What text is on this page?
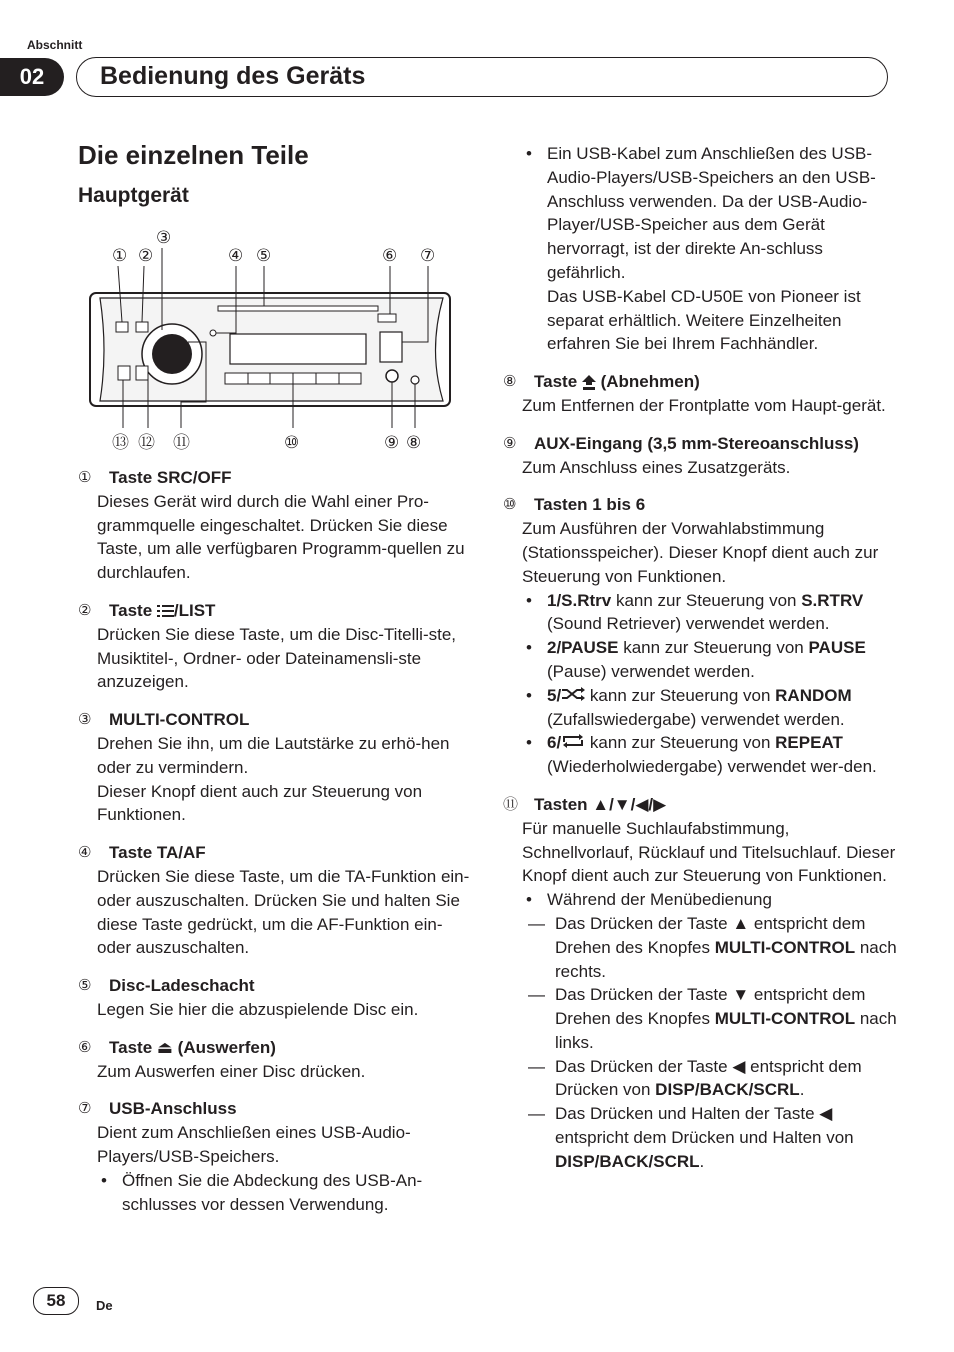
Abschnitt
02	Bedienung des Geräts
Die einzelnen Teile
Hauptgerät
① ②
③
④ ⑤	⑥ ⑦
⑬ ⑫ ⑪	⑩	⑨ ⑧
①	Taste SRC/OFF
Dieses Gerät wird durch die Wahl einer Pro-grammquelle eingeschaltet. Drücken Sie diese Taste, um alle verfügbaren Programm-quellen zu durchlaufen.
②	Taste /LIST
Drücken Sie diese Taste, um die Disc-Titelli-ste, Musiktitel-, Ordner- oder Dateinamensli-ste anzuzeigen.
③	MULTI-CONTROL
Drehen Sie ihn, um die Lautstärke zu erhö-hen oder zu vermindern.
Dieser Knopf dient auch zur Steuerung von Funktionen.
④	Taste TA/AF
Drücken Sie diese Taste, um die TA-Funktion ein- oder auszuschalten. Drücken Sie und halten Sie diese Taste gedrückt, um die AF-Funktion ein- oder auszuschalten.
⑤	Disc-Ladeschacht
Legen Sie hier die abzuspielende Disc ein.
⑥	Taste ⏏ (Auswerfen)
Zum Auswerfen einer Disc drücken.
⑦	USB-Anschluss
Dient zum Anschließen eines USB-Audio-Players/USB-Speichers.
• Öffnen Sie die Abdeckung des USB-An-schlusses vor dessen Verwendung.
• Ein USB-Kabel zum Anschließen des USB-Audio-Players/USB-Speichers an den USB-Anschluss verwenden. Da der USB-Audio-Player/USB-Speicher aus dem Gerät hervorragt, ist der direkte An-schluss gefährlich.
Das USB-Kabel CD-U50E von Pioneer ist separat erhältlich. Weitere Einzelheiten erfahren Sie bei Ihrem Fachhändler.
⑧	Taste (Abnehmen)
Zum Entfernen der Frontplatte vom Haupt-gerät.
⑨	AUX-Eingang (3,5 mm-Stereoanschluss)
Zum Anschluss eines Zusatzgeräts.
⑩	Tasten 1 bis 6
Zum Ausführen der Vorwahlabstimmung (Stationsspeicher). Dieser Knopf dient auch zur Steuerung von Funktionen.
• 1/S.Rtrv kann zur Steuerung von S.RTRV (Sound Retriever) verwendet werden.
• 2/PAUSE kann zur Steuerung von PAUSE (Pause) verwendet werden.
• 5/ kann zur Steuerung von RANDOM (Zufallswiedergabe) verwendet werden.
• 6/ kann zur Steuerung von REPEAT (Wiederholwiedergabe) verwendet wer-den.
⑪ Tasten ▲/▼/◀/▶
Für manuelle Suchlaufabstimmung, Schnellvorlauf, Rücklauf und Titelsuchlauf. Dieser Knopf dient auch zur Steuerung von Funktionen.
• Während der Menübedienung
— Das Drücken der Taste ▲ entspricht dem Drehen des Knopfes MULTI-CONTROL nach rechts.
— Das Drücken der Taste ▼ entspricht dem Drehen des Knopfes MULTI-CONTROL nach links.
— Das Drücken der Taste ◀ entspricht dem Drücken von DISP/BACK/SCRL.
— Das Drücken und Halten der Taste ◀ entspricht dem Drücken und Halten von DISP/BACK/SCRL.
58	De
